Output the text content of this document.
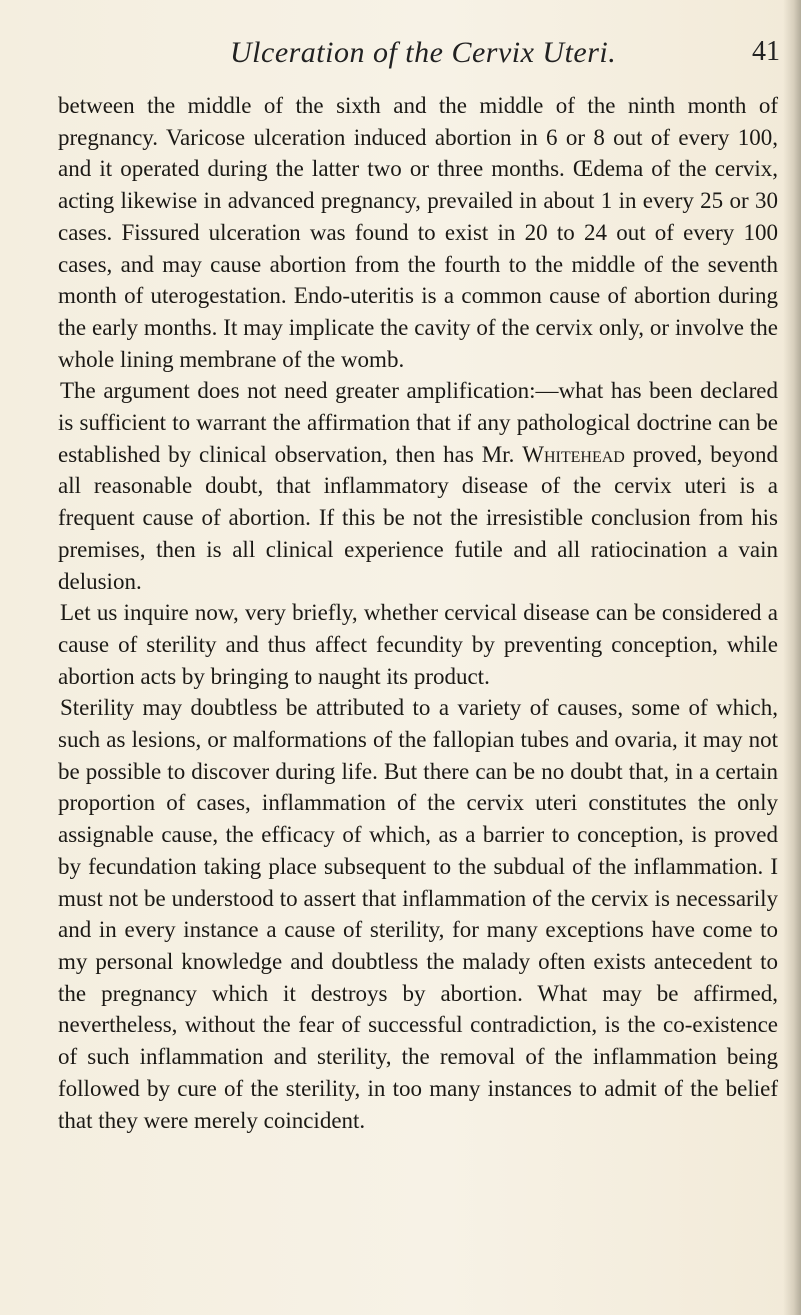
Ulceration of the Cervix Uteri.	41

between the middle of the sixth and the middle of the ninth month of pregnancy. Varicose ulceration induced abortion in 6 or 8 out of every 100, and it operated during the latter two or three months. Œdema of the cervix, acting likewise in advanced pregnancy, prevailed in about 1 in every 25 or 30 cases. Fissured ulceration was found to exist in 20 to 24 out of every 100 cases, and may cause abortion from the fourth to the middle of the seventh month of uterogestation. Endo-uteritis is a common cause of abortion during the early months. It may implicate the cavity of the cervix only, or involve the whole lining membrane of the womb.

The argument does not need greater amplification:—what has been declared is sufficient to warrant the affirmation that if any pathological doctrine can be established by clinical observation, then has Mr. Whitehead proved, beyond all reasonable doubt, that inflammatory disease of the cervix uteri is a frequent cause of abortion. If this be not the irresistible conclusion from his premises, then is all clinical experience futile and all ratiocination a vain delusion.

Let us inquire now, very briefly, whether cervical disease can be considered a cause of sterility and thus affect fecundity by preventing conception, while abortion acts by bringing to naught its product.

Sterility may doubtless be attributed to a variety of causes, some of which, such as lesions, or malformations of the fallopian tubes and ovaria, it may not be possible to discover during life. But there can be no doubt that, in a certain proportion of cases, inflammation of the cervix uteri constitutes the only assignable cause, the efficacy of which, as a barrier to conception, is proved by fecundation taking place subsequent to the subdual of the inflammation. I must not be understood to assert that inflammation of the cervix is necessarily and in every instance a cause of sterility, for many exceptions have come to my personal knowledge and doubtless the malady often exists antecedent to the pregnancy which it destroys by abortion. What may be affirmed, nevertheless, without the fear of successful contradiction, is the co-existence of such inflammation and sterility, the removal of the inflammation being followed by cure of the sterility, in too many instances to admit of the belief that they were merely coincident.
